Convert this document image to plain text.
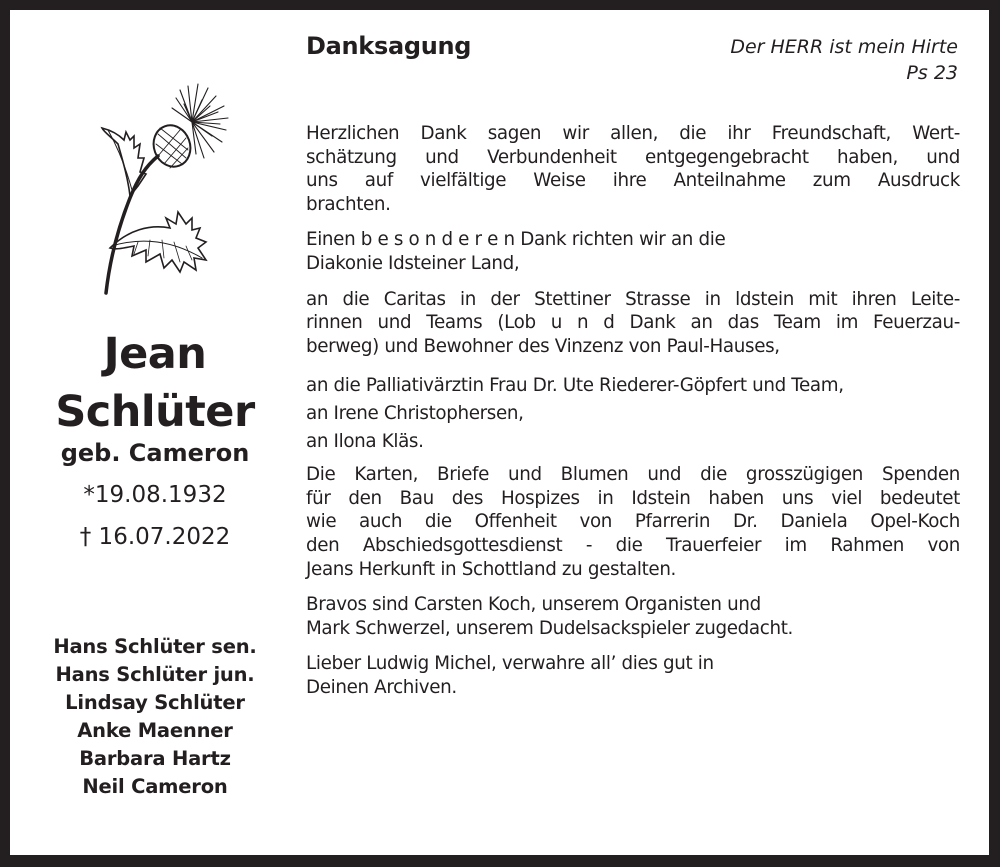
Jean
Schlüter
geb. Cameron
*19.08.1932
† 16.07.2022
Hans Schlüter sen.
Hans Schlüter jun.
Lindsay Schlüter
Anke Maenner
Barbara Hartz
Neil Cameron
Danksagung	Der HERR ist mein Hirte
Ps 23

Herzlichen Dank sagen wir allen, die ihr Freundschaft, Wert-
schätzung und Verbundenheit entgegengebracht haben, und
uns auf vielfältige Weise ihre Anteilnahme zum Ausdruck
brachten.

Einen b e s o n d e r e n Dank richten wir an die
Diakonie Idsteiner Land,

an die Caritas in der Stettiner Strasse in ldstein mit ihren Leite-
rinnen und Teams (Lob u n d Dank an das Team im Feuerzau-
berweg) und Bewohner des Vinzenz von Paul-Hauses,

an die Palliativärztin Frau Dr. Ute Riederer-Göpfert und Team,
an Irene Christophersen,
an Ilona Kläs.

Die Karten, Briefe und Blumen und die grosszügigen Spenden
für den Bau des Hospizes in Idstein haben uns viel bedeutet
wie auch die Offenheit von Pfarrerin Dr. Daniela Opel-Koch
den Abschiedsgottesdienst - die Trauerfeier im Rahmen von
Jeans Herkunft in Schottland zu gestalten.

Bravos sind Carsten Koch, unserem Organisten und
Mark Schwerzel, unserem Dudelsackspieler zugedacht.

Lieber Ludwig Michel, verwahre all’ dies gut in
Deinen Archiven.
